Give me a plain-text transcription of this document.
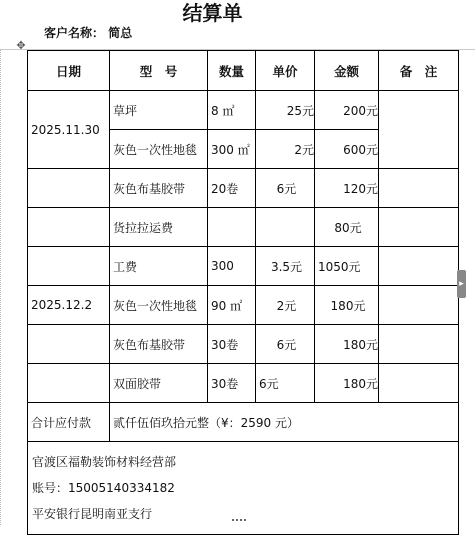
结算单
客户名称： 简总
✥
日期	型　号	数量	单价	金额	备　注
2025.11.30	草坪	8 ㎡	25元	200元	
	灰色一次性地毯	300 ㎡	2元	600元	
	灰色布基胶带	20卷	6元	120元	
	货拉拉运费			80元	
	工费	300	3.5元	1050元	
2025.12.2	灰色一次性地毯	90 ㎡	2元	180元	
	灰色布基胶带	30卷	6元	180元	
	双面胶带	30卷	6元	180元	
合计应付款	贰仟伍佰玖拾元整（¥：2590 元）				

官渡区福勒装饰材料经营部
账号：15005140334182
平安银行昆明南亚支行					
▸
